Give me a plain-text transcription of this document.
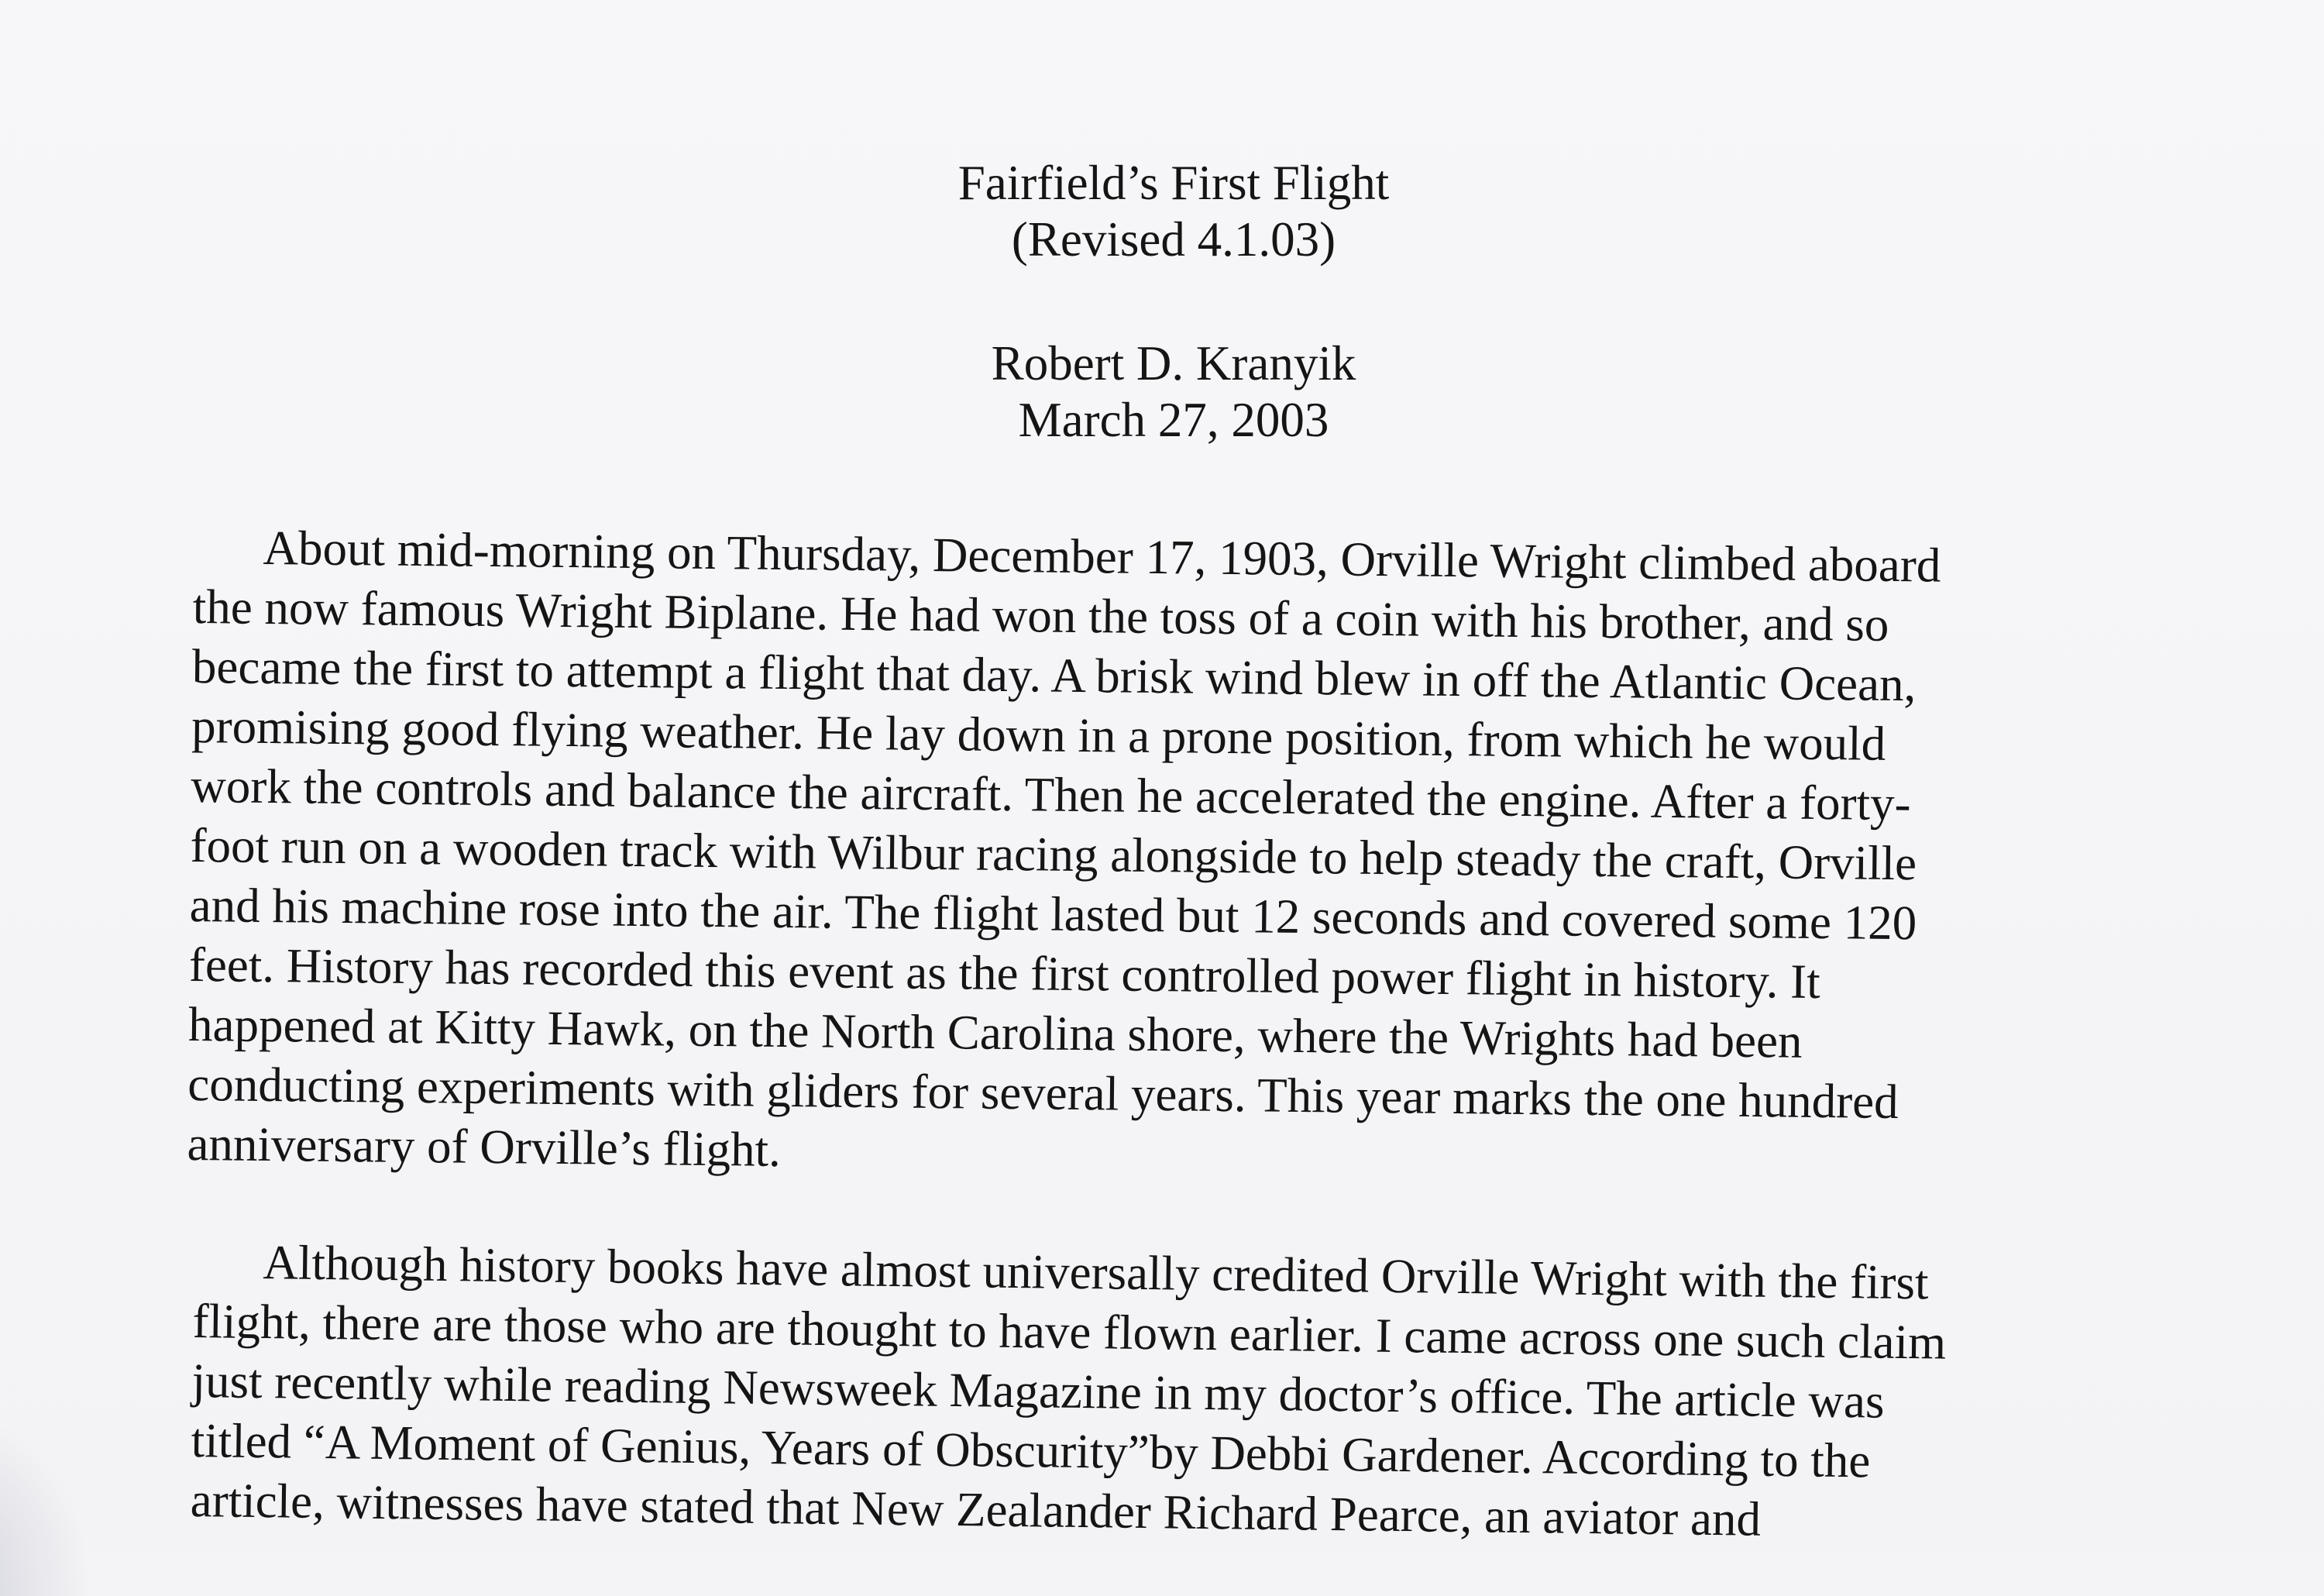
Fairfield’s First Flight
(Revised 4.1.03)
Robert D. Kranyik
March 27, 2003
About mid-morning on Thursday, December 17, 1903, Orville Wright climbed aboard
the now famous Wright Biplane. He had won the toss of a coin with his brother, and so
became the first to attempt a flight that day. A brisk wind blew in off the Atlantic Ocean,
promising good flying weather. He lay down in a prone position, from which he would
work the controls and balance the aircraft. Then he accelerated the engine. After a forty-
foot run on a wooden track with Wilbur racing alongside to help steady the craft, Orville
and his machine rose into the air. The flight lasted but 12 seconds and covered some 120
feet. History has recorded this event as the first controlled power flight in history. It
happened at Kitty Hawk, on the North Carolina shore, where the Wrights had been
conducting experiments with gliders for several years. This year marks the one hundred
anniversary of Orville’s flight.
Although history books have almost universally credited Orville Wright with the first
flight, there are those who are thought to have flown earlier. I came across one such claim
just recently while reading Newsweek Magazine in my doctor’s office. The article was
titled “A Moment of Genius, Years of Obscurity”by Debbi Gardener. According to the
article, witnesses have stated that New Zealander Richard Pearce, an aviator and
